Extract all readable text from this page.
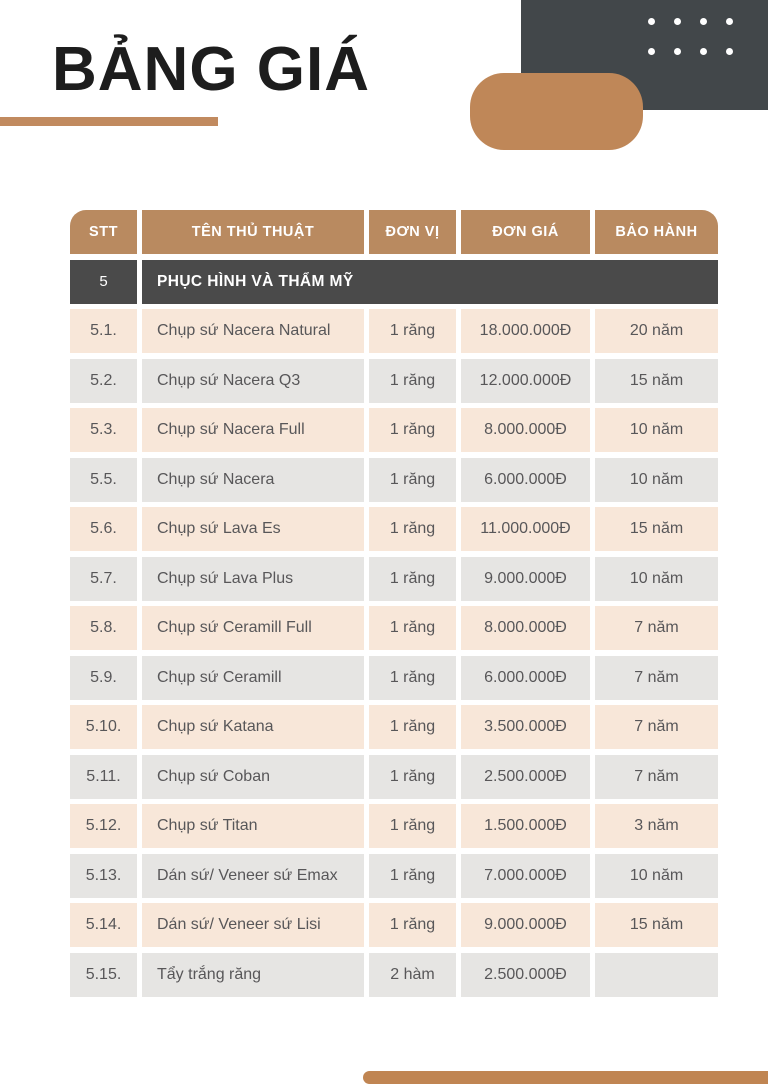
BẢNG GIÁ
STT	TÊN THỦ THUẬT	ĐƠN VỊ	ĐƠN GIÁ	BẢO HÀNH
5	PHỤC HÌNH VÀ THẨM MỸ
5.1.	Chụp sứ Nacera Natural	1 răng	18.000.000Đ	20 năm
5.2.	Chụp sứ Nacera Q3	1 răng	12.000.000Đ	15 năm
5.3.	Chụp sứ Nacera Full	1 răng	8.000.000Đ	10 năm
5.5.	Chụp sứ Nacera	1 răng	6.000.000Đ	10 năm
5.6.	Chụp sứ Lava Es	1 răng	11.000.000Đ	15 năm
5.7.	Chụp sứ Lava Plus	1 răng	9.000.000Đ	10 năm
5.8.	Chụp sứ Ceramill Full	1 răng	8.000.000Đ	7 năm
5.9.	Chụp sứ Ceramill	1 răng	6.000.000Đ	7 năm
5.10.	Chụp sứ Katana	1 răng	3.500.000Đ	7 năm
5.11.	Chụp sứ Coban	1 răng	2.500.000Đ	7 năm
5.12.	Chụp sứ Titan	1 răng	1.500.000Đ	3 năm
5.13.	Dán sứ/ Veneer sứ Emax	1 răng	7.000.000Đ	10 năm
5.14.	Dán sứ/ Veneer sứ Lisi	1 răng	9.000.000Đ	15 năm
5.15.	Tẩy trắng răng	2 hàm	2.500.000Đ
